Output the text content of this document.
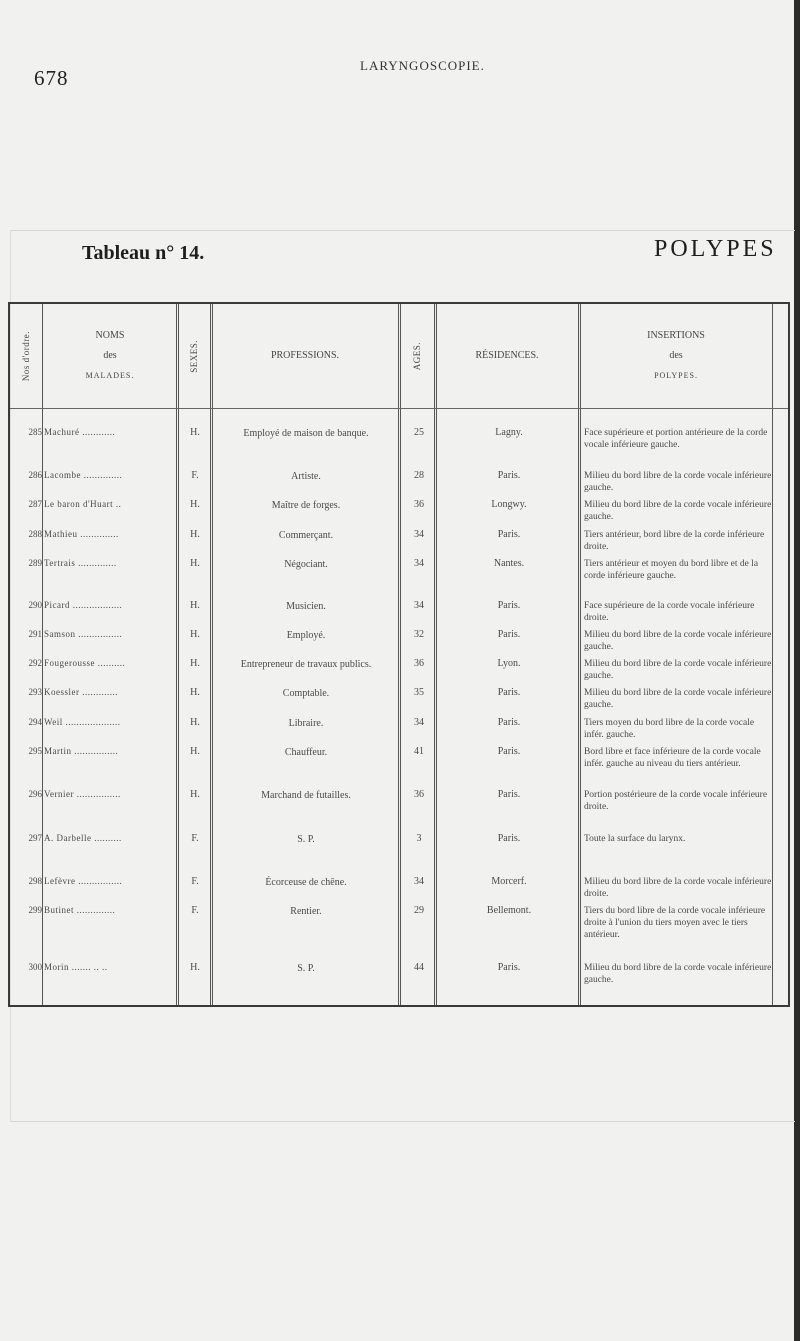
678
LARYNGOSCOPIE.
Tableau n° 14.	POLYPES
Nos d'ordre.	NOMS
des
MALADES.
SEXES.	PROFESSIONS.	AGES.	RÉSIDENCES.
INSERTIONS
des
POLYPES.
285 Machuré ............	H.	Employé de maison de banque.	25	Lagny.	Face supérieure et portion antérieure de la corde vocale inférieure gauche.
286 Lacombe ..............	F.	Artiste.	28	Paris.	Milieu du bord libre de la corde vocale inférieure gauche.
287 Le baron d'Huart ..	H.	Maître de forges.	36	Longwy.	Milieu du bord libre de la corde vocale inférieure gauche.
288 Mathieu ..............	H.	Commerçant.	34	Paris.	Tiers antérieur, bord libre de la corde inférieure droite.
289 Tertrais ..............	H.	Négociant.	34	Nantes.	Tiers antérieur et moyen du bord libre et de la corde inférieure gauche.
290 Picard ..................	H.	Musicien.	34	Paris.	Face supérieure de la corde vocale inférieure droite.
291 Samson ................	H.	Employé.	32	Paris.	Milieu du bord libre de la corde vocale inférieure gauche.
292 Fougerousse ..........	H.	Entrepreneur de travaux publics.	36	Lyon.	Milieu du bord libre de la corde vocale inférieure gauche.
293 Koessler .............	H.	Comptable.	35	Paris.	Milieu du bord libre de la corde vocale inférieure gauche.
294 Weil ....................	H.	Libraire.	34	Paris.	Tiers moyen du bord libre de la corde vocale infér. gauche.
295 Martin ................	H.	Chauffeur.	41	Paris.	Bord libre et face inférieure de la corde vocale infér. gauche au niveau du tiers antérieur.
296 Vernier ................	H.	Marchand de futailles.	36	Paris.	Portion postérieure de la corde vocale inférieure droite.
297 A. Darbelle ..........	F.	S. P.	3	Paris.	Toute la surface du larynx.
298 Lefèvre ................	F.	Écorceuse de chêne.	34	Morcerf.	Milieu du bord libre de la corde vocale inférieure droite.
299 Butinet ..............	F.	Rentier.	29	Bellemont.	Tiers du bord libre de la corde vocale inférieure droite à l'union du tiers moyen avec le tiers antérieur.
300 Morin ....... .. ..	H.	S. P.	44	Paris.	Milieu du bord libre de la corde vocale inférieure gauche.
